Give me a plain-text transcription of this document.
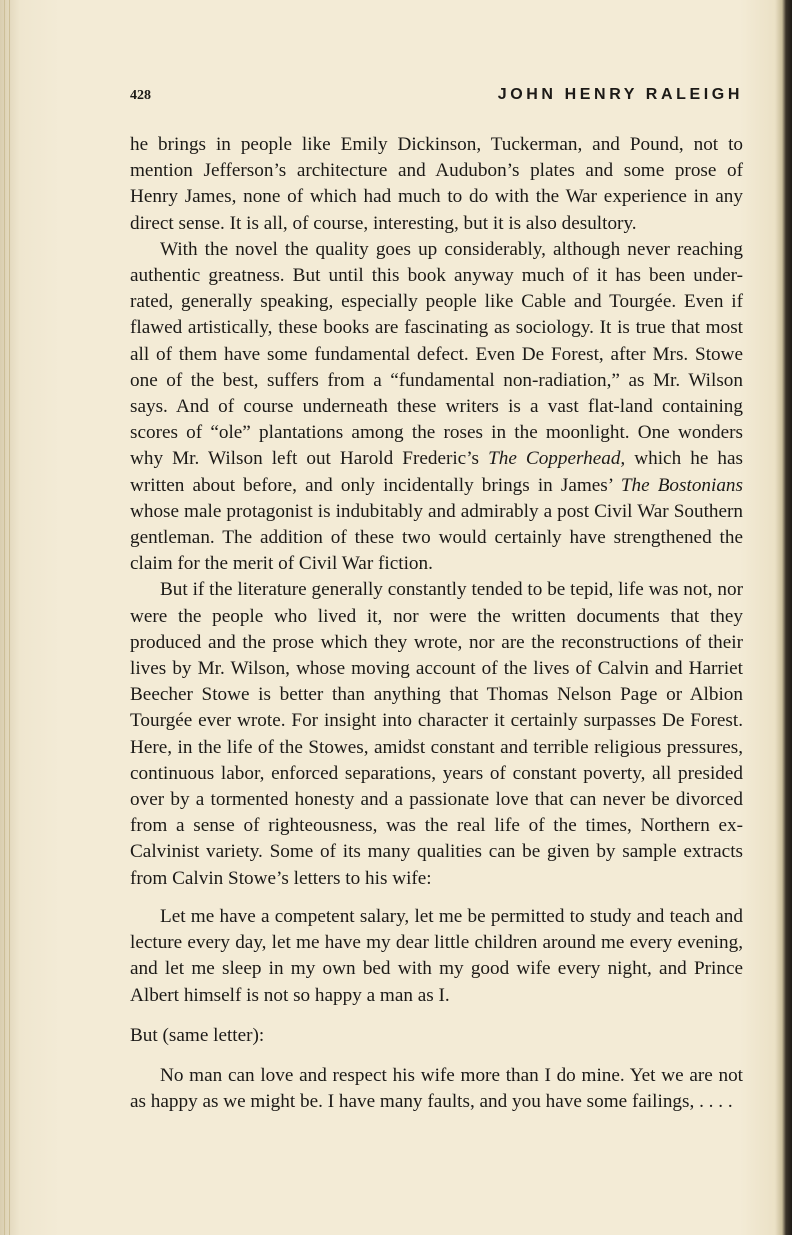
428	JOHN HENRY RALEIGH

he brings in people like Emily Dickinson, Tuckerman, and Pound, not to mention Jefferson’s architecture and Audubon’s plates and some prose of Henry James, none of which had much to do with the War experience in any direct sense. It is all, of course, interesting, but it is also desultory.

With the novel the quality goes up considerably, although never reaching authentic greatness. But until this book anyway much of it has been under-rated, generally speaking, especially people like Cable and Tourgée. Even if flawed artistically, these books are fascinating as sociology. It is true that most all of them have some fundamental defect. Even De Forest, after Mrs. Stowe one of the best, suffers from a “fundamental non-radiation,” as Mr. Wilson says. And of course underneath these writers is a vast flat-land containing scores of “ole” plantations among the roses in the moonlight. One wonders why Mr. Wilson left out Harold Frederic’s The Copperhead, which he has written about before, and only incidentally brings in James’ The Bostonians whose male protagonist is indubitably and admirably a post Civil War Southern gentleman. The addition of these two would certainly have strengthened the claim for the merit of Civil War fiction.

But if the literature generally constantly tended to be tepid, life was not, nor were the people who lived it, nor were the written documents that they produced and the prose which they wrote, nor are the reconstructions of their lives by Mr. Wilson, whose moving account of the lives of Calvin and Harriet Beecher Stowe is better than anything that Thomas Nelson Page or Albion Tourgée ever wrote. For insight into character it certainly surpasses De Forest. Here, in the life of the Stowes, amidst constant and terrible religious pressures, continuous labor, enforced separations, years of constant poverty, all presided over by a tormented honesty and a passionate love that can never be divorced from a sense of righteousness, was the real life of the times, Northern ex-Calvinist variety. Some of its many qualities can be given by sample extracts from Calvin Stowe’s letters to his wife:

Let me have a competent salary, let me be permitted to study and teach and lecture every day, let me have my dear little children around me every evening, and let me sleep in my own bed with my good wife every night, and Prince Albert himself is not so happy a man as I.

But (same letter):

No man can love and respect his wife more than I do mine. Yet we are not as happy as we might be. I have many faults, and you have some failings, . . . .
